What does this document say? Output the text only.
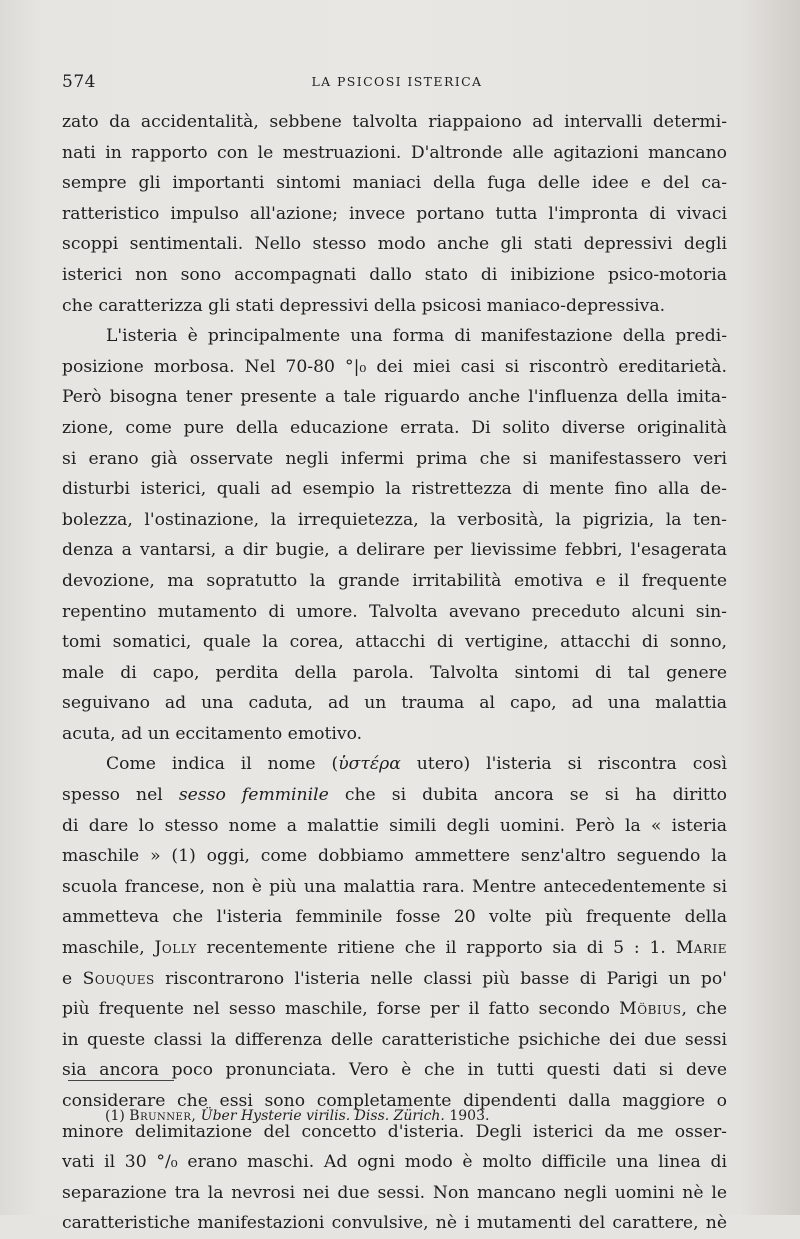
574	LA PSICOSI ISTERICA
zato da accidentalità, sebbene talvolta riappaiono ad intervalli determi-
nati in rapporto con le mestruazioni. D'altronde alle agitazioni mancano
sempre gli importanti sintomi maniaci della fuga delle idee e del ca-
ratteristico impulso all'azione; invece portano tutta l'impronta di vivaci
scoppi sentimentali. Nello stesso modo anche gli stati depressivi degli
isterici non sono accompagnati dallo stato di inibizione psico-motoria
che caratterizza gli stati depressivi della psicosi maniaco-depressiva.
L'isteria è principalmente una forma di manifestazione della predi-
posizione morbosa. Nel 70-80 °|₀ dei miei casi si riscontrò ereditarietà.
Però bisogna tener presente a tale riguardo anche l'influenza della imita-
zione, come pure della educazione errata. Di solito diverse originalità
si erano già osservate negli infermi prima che si manifestassero veri
disturbi isterici, quali ad esempio la ristrettezza di mente fino alla de-
bolezza, l'ostinazione, la irrequietezza, la verbosità, la pigrizia, la ten-
denza a vantarsi, a dir bugie, a delirare per lievissime febbri, l'esagerata
devozione, ma sopratutto la grande irritabilità emotiva e il frequente
repentino mutamento di umore. Talvolta avevano preceduto alcuni sin-
tomi somatici, quale la corea, attacchi di vertigine, attacchi di sonno,
male di capo, perdita della parola. Talvolta sintomi di tal genere
seguivano ad una caduta, ad un trauma al capo, ad una malattia
acuta, ad un eccitamento emotivo.
Come indica il nome (ὑστέρα utero) l'isteria si riscontra così
spesso nel sesso femminile che si dubita ancora se si ha diritto
di dare lo stesso nome a malattie simili degli uomini. Però la « isteria
maschile » (1) oggi, come dobbiamo ammettere senz'altro seguendo la
scuola francese, non è più una malattia rara. Mentre antecedentemente si
ammetteva che l'isteria femminile fosse 20 volte più frequente della
maschile, Jolly recentemente ritiene che il rapporto sia di 5 : 1. Marie
e Souques riscontrarono l'isteria nelle classi più basse di Parigi un po'
più frequente nel sesso maschile, forse per il fatto secondo Möbius, che
in queste classi la differenza delle caratteristiche psichiche dei due sessi
sia ancora poco pronunciata. Vero è che in tutti questi dati si deve
considerare che essi sono completamente dipendenti dalla maggiore o
minore delimitazione del concetto d'isteria. Degli isterici da me osser-
vati il 30 °/₀ erano maschi. Ad ogni modo è molto difficile una linea di
separazione tra la nevrosi nei due sessi. Non mancano negli uomini nè le
caratteristiche manifestazioni convulsive, nè i mutamenti del carattere, nè
(1) Brunner, Über Hysterie virilis. Diss. Zürich. 1903.
